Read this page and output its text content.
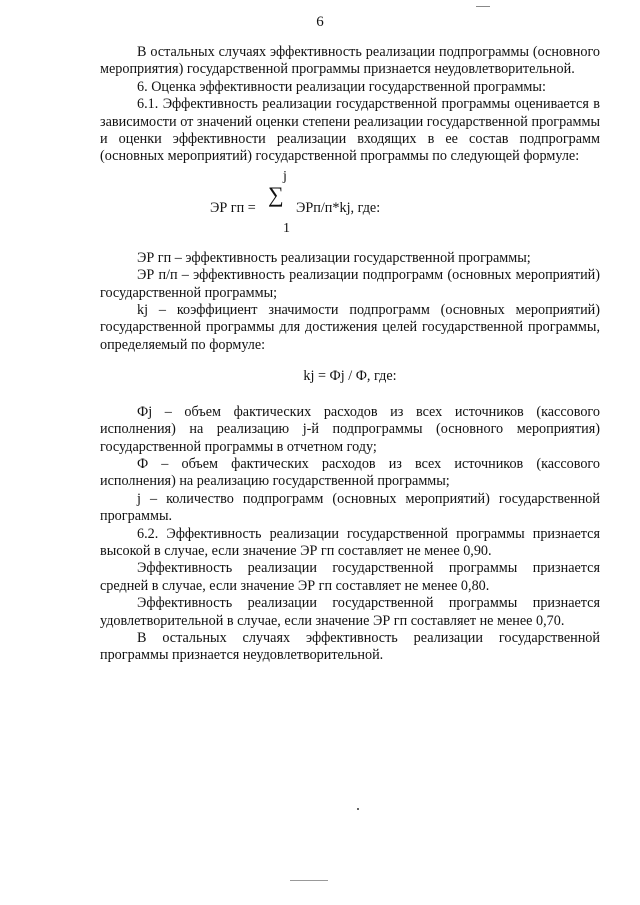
6

В остальных случаях эффективность реализации подпрограммы (основного мероприятия) государственной программы признается неудовлетворительной.

6. Оценка эффективности реализации государственной программы:

6.1. Эффективность реализации государственной программы оценивается в зависимости от значений оценки степени реализации государственной программы и оценки эффективности реализации входящих в ее состав подпрограмм (основных мероприятий) государственной программы по следующей формуле:

ЭР гп =
j
∑
1
ЭРп/п*kj, где:

ЭР гп – эффективность реализации государственной программы;

ЭР п/п – эффективность реализации подпрограмм (основных мероприятий) государственной программы;

kj – коэффициент значимости подпрограмм (основных мероприятий) государственной программы для достижения целей государственной программы, определяемый по формуле:

kj = Фj / Ф, где:

Фj – объем фактических расходов из всех источников (кассового исполнения) на реализацию j-й подпрограммы (основного мероприятия) государственной программы в отчетном году;

Ф – объем фактических расходов из всех источников (кассового исполнения) на реализацию государственной программы;

j – количество подпрограмм (основных мероприятий) государственной программы.

6.2. Эффективность реализации государственной программы признается высокой в случае, если значение ЭР гп составляет не менее 0,90.

Эффективность реализации государственной программы признается средней в случае, если значение ЭР гп составляет не менее 0,80.

Эффективность реализации государственной программы признается удовлетворительной в случае, если значение ЭР гп составляет не менее 0,70.

В остальных случаях эффективность реализации государственной программы признается неудовлетворительной.
